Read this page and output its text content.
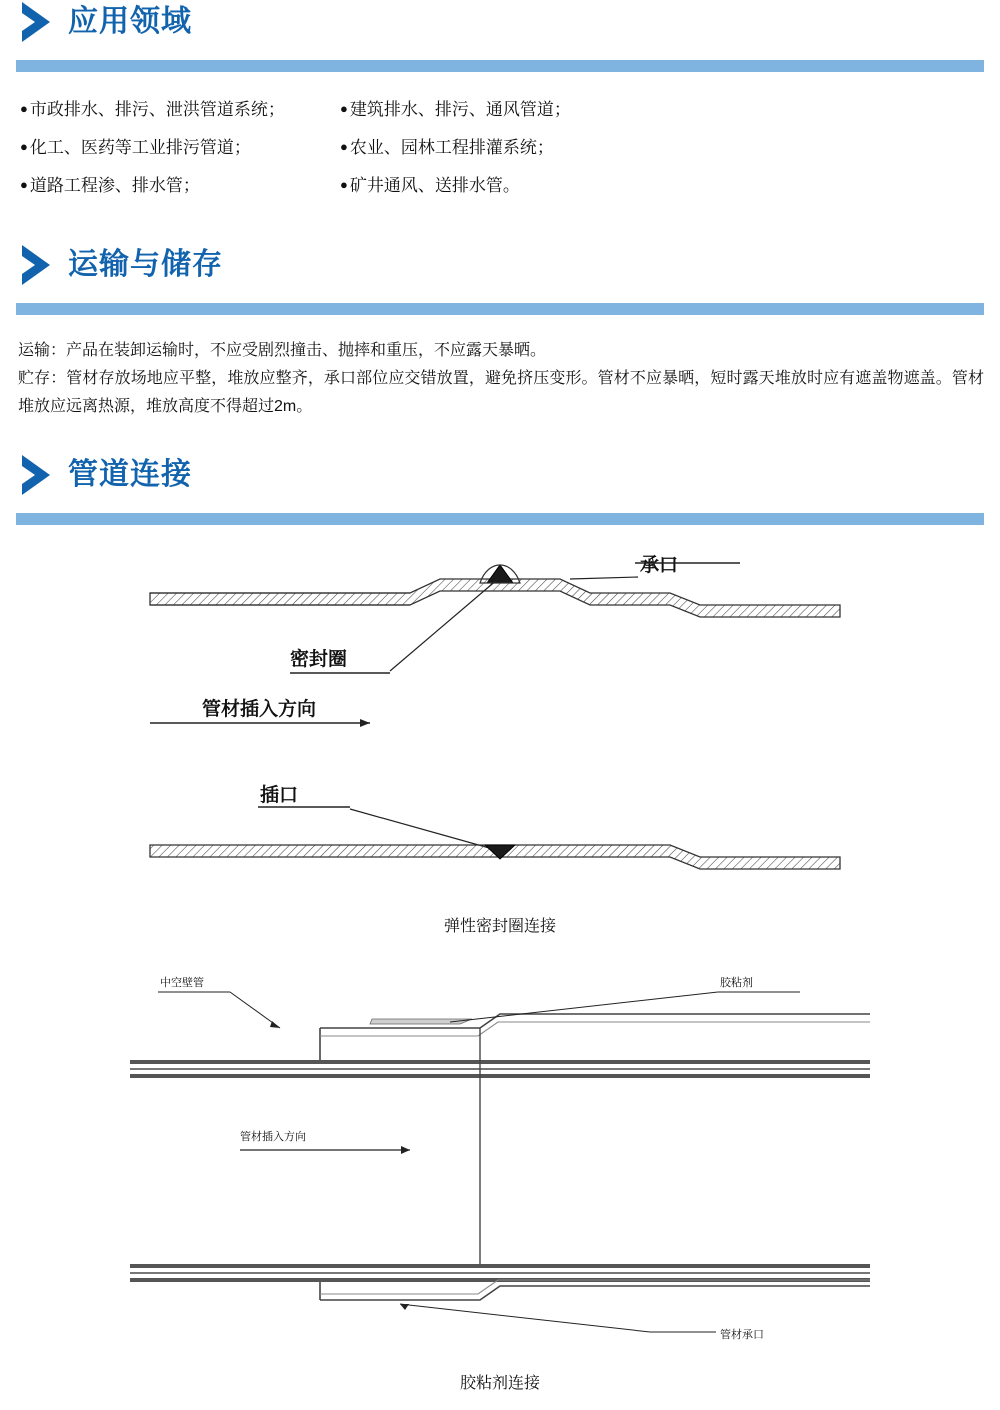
应用领域
● 市政排水、排污、泄洪管道系统；	● 建筑排水、排污、通风管道；
● 化工、医药等工业排污管道；	● 农业、园林工程排灌系统；
● 道路工程渗、排水管；	● 矿井通风、送排水管。
运输与储存
运输：产品在装卸运输时，不应受剧烈撞击、抛摔和重压，不应露天暴晒。
贮存：管材存放场地应平整，堆放应整齐，承口部位应交错放置，避免挤压变形。管材不应暴晒，短时露天堆放时应有遮盖物遮盖。管材堆放应远离热源，堆放高度不得超过2m。
管道连接
承口
密封圈
管材插入方向
插口
弹性密封圈连接
中空壁管	胶粘剂
管材插入方向
管材承口
胶粘剂连接
